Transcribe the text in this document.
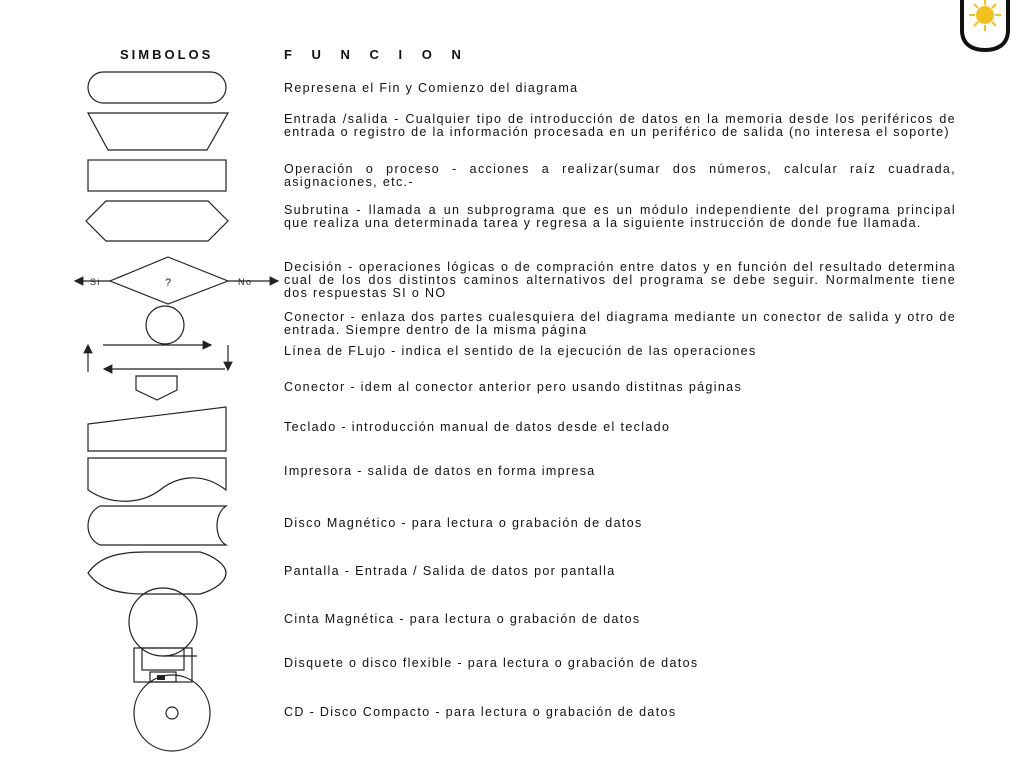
SIMBOLOS	F U N C I O N
Represena el Fin y Comienzo del diagrama
Entrada /salida - Cualquier tipo de introducción de datos en la memoria desde los periféricos de entrada o registro de la información procesada en un periférico de salida (no interesa el soporte)
Operación o proceso - acciones a realizar(sumar dos números, calcular raíz cuadrada, asignaciones, etc.-
Subrutina - llamada a un subprograma que es un módulo independiente del programa principal que realiza una determinada tarea y regresa a la siguiente instrucción de donde fue llamada.
Decisión - operaciones lógicas o de compración entre datos y en función del resultado determina cual de los dos distintos caminos alternativos del programa se debe seguir. Normalmente tiene dos respuestas SI o NO
Conector - enlaza dos partes cualesquiera del diagrama mediante un conector de salida y otro de entrada. Siempre dentro de la misma página
Línea de FLujo - indica el sentido de la ejecución de las operaciones
Conector - idem al conector anterior pero usando distitnas páginas
Teclado - introducción manual de datos desde el teclado
Impresora - salida de datos en forma impresa
Disco Magnético - para lectura o grabación de datos
Pantalla - Entrada / Salida de datos por pantalla
Cinta Magnética - para lectura o grabación de datos
Disquete o disco flexible - para lectura o grabación de datos
CD - Disco Compacto - para lectura o grabación de datos
?
Si	No
